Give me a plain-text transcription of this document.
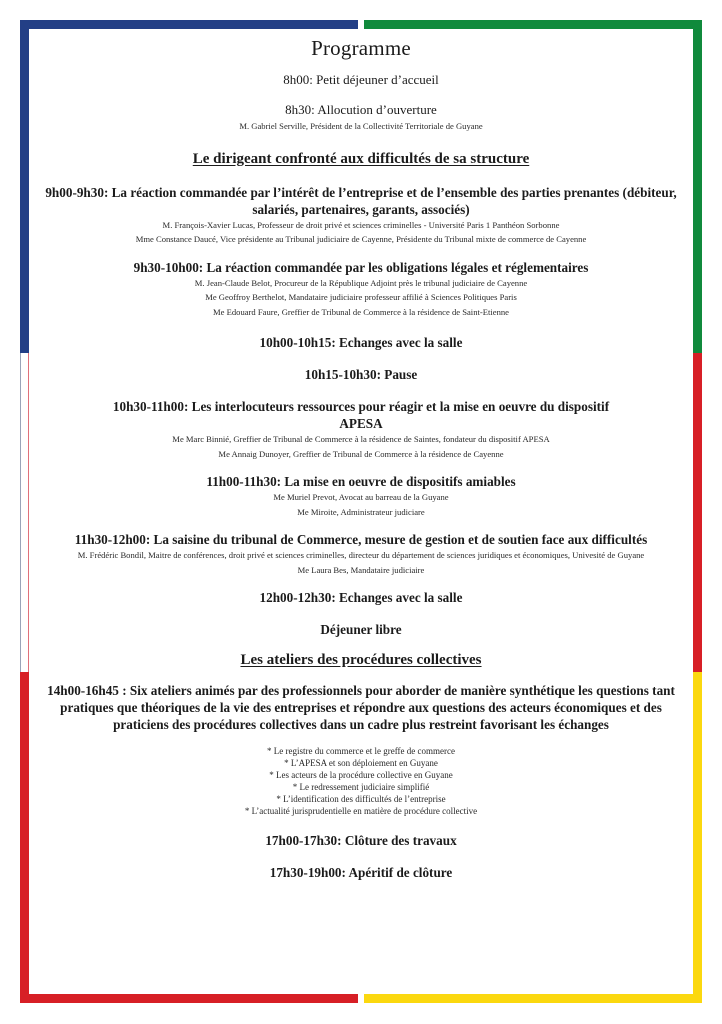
Programme

8h00: Petit déjeuner d’accueil

8h30: Allocution d’ouverture

M. Gabriel Serville, Président de la Collectivité Territoriale de Guyane

Le dirigeant confronté aux difficultés de sa structure

9h00-9h30: La réaction commandée par l’intérêt de l’entreprise et de l’ensemble des parties prenantes (débiteur, salariés, partenaires, garants, associés)

M. François-Xavier Lucas, Professeur de droit privé et sciences criminelles - Université Paris 1 Panthéon Sorbonne

Mme Constance Daucé, Vice présidente au Tribunal judiciaire de Cayenne, Présidente du Tribunal mixte de commerce de Cayenne

9h30-10h00: La réaction commandée par les obligations légales et réglementaires

M. Jean-Claude Belot, Procureur de la République Adjoint près le tribunal judiciaire de Cayenne

Me Geoffroy Berthelot, Mandataire judiciaire professeur affilié à Sciences Politiques Paris

Me Edouard Faure, Greffier de Tribunal de Commerce à la résidence de Saint-Etienne

10h00-10h15: Echanges avec la salle

10h15-10h30: Pause

10h30-11h00: Les interlocuteurs ressources pour réagir et la mise en oeuvre du dispositif APESA

Me Marc Binnié, Greffier de Tribunal de Commerce à la résidence de Saintes, fondateur du dispositif APESA

Me Annaig Dunoyer, Greffier de Tribunal de Commerce à la résidence de Cayenne

11h00-11h30: La mise en oeuvre de dispositifs amiables

Me Muriel Prevot, Avocat au barreau de la Guyane

Me Miroite, Administrateur judiciare

11h30-12h00: La saisine du tribunal de Commerce, mesure de gestion et de soutien face aux difficultés

M. Frédéric Bondil, Maitre de conférences, droit privé et sciences criminelles, directeur du département de sciences juridiques et économiques, Univesité de Guyane

Me Laura Bes, Mandataire judiciaire

12h00-12h30: Echanges avec la salle

Déjeuner libre

Les ateliers des procédures collectives

14h00-16h45 : Six ateliers animés par des professionnels pour aborder de manière synthétique les questions tant pratiques que théoriques de la vie des entreprises et répondre aux questions des acteurs économiques et des praticiens des procédures collectives dans un cadre plus restreint favorisant les échanges

* Le registre du commerce et le greffe de commerce

* L’APESA et son déploiement en Guyane

* Les acteurs de la procédure collective en Guyane

* Le redressement judiciaire simplifié

* L’identification des difficultés de l’entreprise

* L’actualité jurisprudentielle en matière de procédure collective

17h00-17h30: Clôture des travaux

17h30-19h00: Apéritif de clôture
